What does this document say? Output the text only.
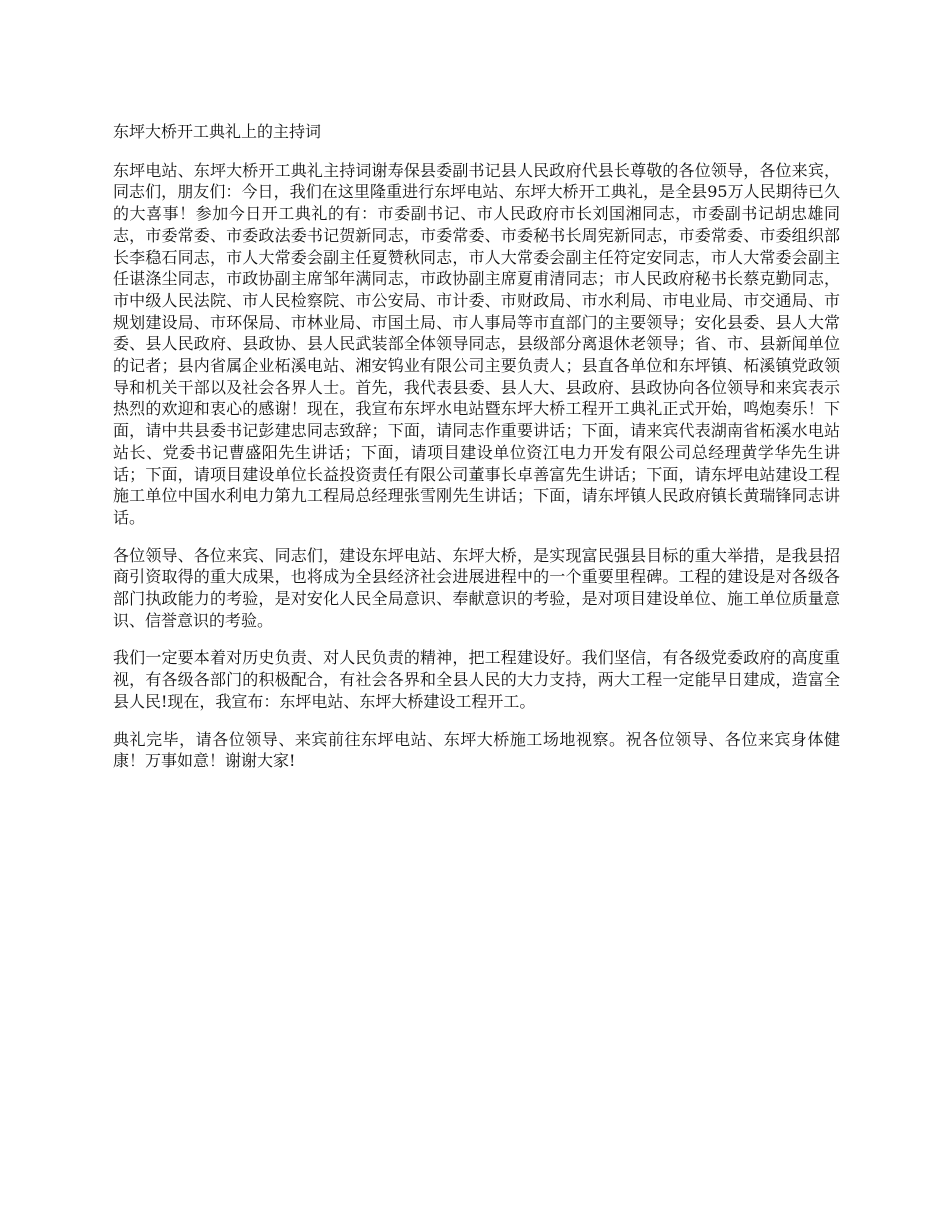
东坪大桥开工典礼上的主持词

东坪电站、东坪大桥开工典礼主持词谢寿保县委副书记县人民政府代县长尊敬的各位领导，各位来宾，同志们，朋友们：今日，我们在这里隆重进行东坪电站、东坪大桥开工典礼，是全县95万人民期待已久的大喜事！参加今日开工典礼的有：市委副书记、市人民政府市长刘国湘同志，市委副书记胡忠雄同志，市委常委、市委政法委书记贺新同志，市委常委、市委秘书长周宪新同志，市委常委、市委组织部长李稳石同志，市人大常委会副主任夏赞秋同志，市人大常委会副主任符定安同志，市人大常委会副主任谌涤尘同志，市政协副主席邹年满同志，市政协副主席夏甫清同志；市人民政府秘书长蔡克勤同志，市中级人民法院、市人民检察院、市公安局、市计委、市财政局、市水利局、市电业局、市交通局、市规划建设局、市环保局、市林业局、市国土局、市人事局等市直部门的主要领导；安化县委、县人大常委、县人民政府、县政协、县人民武装部全体领导同志，县级部分离退休老领导；省、市、县新闻单位的记者；县内省属企业柘溪电站、湘安钨业有限公司主要负责人；县直各单位和东坪镇、柘溪镇党政领导和机关干部以及社会各界人士。首先，我代表县委、县人大、县政府、县政协向各位领导和来宾表示热烈的欢迎和衷心的感谢！现在，我宣布东坪水电站暨东坪大桥工程开工典礼正式开始，鸣炮奏乐！下面，请中共县委书记彭建忠同志致辞；下面，请同志作重要讲话；下面，请来宾代表湖南省柘溪水电站站长、党委书记曹盛阳先生讲话；下面，请项目建设单位资江电力开发有限公司总经理黄学华先生讲话；下面，请项目建设单位长益投资责任有限公司董事长卓善富先生讲话；下面，请东坪电站建设工程施工单位中国水利电力第九工程局总经理张雪刚先生讲话；下面，请东坪镇人民政府镇长黄瑞锋同志讲话。

各位领导、各位来宾、同志们，建设东坪电站、东坪大桥，是实现富民强县目标的重大举措，是我县招商引资取得的重大成果，也将成为全县经济社会进展进程中的一个重要里程碑。工程的建设是对各级各部门执政能力的考验，是对安化人民全局意识、奉献意识的考验，是对项目建设单位、施工单位质量意识、信誉意识的考验。

我们一定要本着对历史负责、对人民负责的精神，把工程建设好。我们坚信，有各级党委政府的高度重视，有各级各部门的积极配合，有社会各界和全县人民的大力支持，两大工程一定能早日建成，造富全县人民!现在，我宣布：东坪电站、东坪大桥建设工程开工。

典礼完毕，请各位领导、来宾前往东坪电站、东坪大桥施工场地视察。祝各位领导、各位来宾身体健康！万事如意！谢谢大家!
